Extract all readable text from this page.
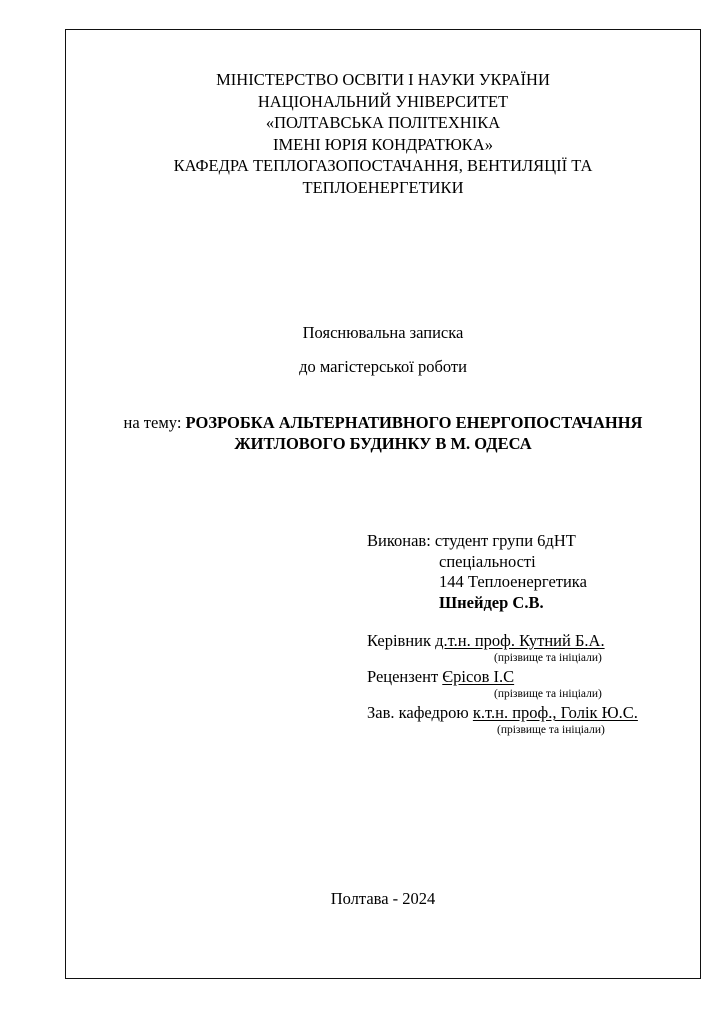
МІНІСТЕРСТВО ОСВІТИ І НАУКИ УКРАЇНИ
НАЦІОНАЛЬНИЙ УНІВЕРСИТЕТ
«ПОЛТАВСЬКА ПОЛІТЕХНІКА
ІМЕНІ ЮРІЯ КОНДРАТЮКА»
КАФЕДРА ТЕПЛОГАЗОПОСТАЧАННЯ, ВЕНТИЛЯЦІЇ ТА
ТЕПЛОЕНЕРГЕТИКИ
Пояснювальна записка
до магістерської роботи
на тему: РОЗРОБКА АЛЬТЕРНАТИВНОГО ЕНЕРГОПОСТАЧАННЯ
ЖИТЛОВОГО БУДИНКУ В М. ОДЕСА
Виконав: студент групи 6дНТ
спеціальності
144 Теплоенергетика
Шнейдер С.В.
Керівник д.т.н. проф. Кутний Б.А.
(прізвище та ініціали)
Рецензент Єрісов І.С
(прізвище та ініціали)
Зав. кафедрою к.т.н. проф., Голік Ю.С.
(прізвище та ініціали)
Полтава - 2024
